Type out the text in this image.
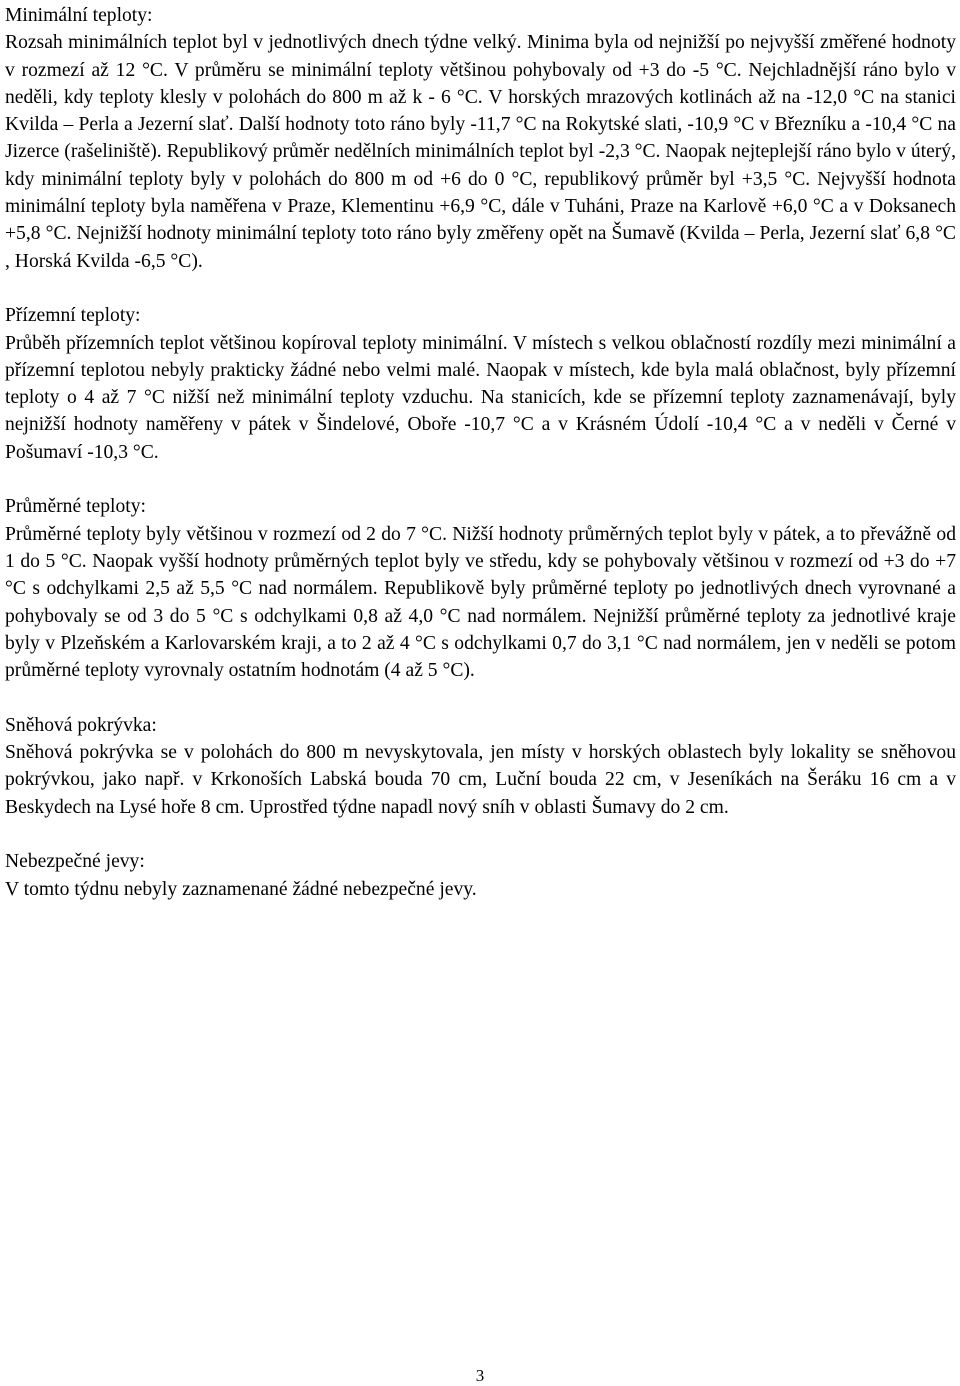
Minimální teploty:

Rozsah minimálních teplot byl v jednotlivých dnech týdne velký. Minima byla od nejnižší po nejvyšší změřené hodnoty v rozmezí až 12 °C. V průměru se minimální teploty většinou pohybovaly od +3 do -5 °C. Nejchladnější ráno bylo v neděli, kdy teploty klesly v polohách do 800 m až k - 6 °C. V horských mrazových kotlinách až na -12,0 °C na stanici Kvilda – Perla a Jezerní slať. Další hodnoty toto ráno byly -11,7 °C na Rokytské slati, -10,9 °C v Březníku a -10,4 °C na Jizerce (rašeliniště). Republikový průměr nedělních minimálních teplot byl -2,3 °C. Naopak nejteplejší ráno bylo v úterý, kdy minimální teploty byly v polohách do 800 m od +6 do 0 °C, republikový průměr byl +3,5 °C. Nejvyšší hodnota minimální teploty byla naměřena v Praze, Klementinu +6,9 °C, dále v Tuháni, Praze na Karlově +6,0 °C a v Doksanech +5,8 °C. Nejnižší hodnoty minimální teploty toto ráno byly změřeny opět na Šumavě (Kvilda – Perla, Jezerní slať 6,8 °C , Horská Kvilda -6,5 °C).

Přízemní teploty:

Průběh přízemních teplot většinou kopíroval teploty minimální. V místech s velkou oblačností rozdíly mezi minimální a přízemní teplotou nebyly prakticky žádné nebo velmi malé. Naopak v místech, kde byla malá oblačnost, byly přízemní teploty o 4 až 7 °C nižší než minimální teploty vzduchu. Na stanicích, kde se přízemní teploty zaznamenávají, byly nejnižší hodnoty naměřeny v pátek v Šindelové, Oboře -10,7 °C a v Krásném Údolí -10,4 °C a v neděli v Černé v Pošumaví -10,3 °C.

Průměrné teploty:

Průměrné teploty byly většinou v rozmezí od 2 do 7 °C. Nižší hodnoty průměrných teplot byly v pátek, a to převážně od 1 do 5 °C. Naopak vyšší hodnoty průměrných teplot byly ve středu, kdy se pohybovaly většinou v rozmezí od +3 do +7 °C s odchylkami 2,5 až 5,5 °C nad normálem. Republikově byly průměrné teploty po jednotlivých dnech vyrovnané a pohybovaly se od 3 do 5 °C s odchylkami 0,8 až 4,0 °C nad normálem. Nejnižší průměrné teploty za jednotlivé kraje byly v Plzeňském a Karlovarském kraji, a to 2 až 4 °C s odchylkami 0,7 do 3,1 °C nad normálem, jen v neděli se potom průměrné teploty vyrovnaly ostatním hodnotám (4 až 5 °C).

Sněhová pokrývka:

Sněhová pokrývka se v polohách do 800 m nevyskytovala, jen místy v horských oblastech byly lokality se sněhovou pokrývkou, jako např. v Krkonoších Labská bouda 70 cm, Luční bouda 22 cm, v Jeseníkách na Šeráku 16 cm a v Beskydech na Lysé hoře 8 cm. Uprostřed týdne napadl nový sníh v oblasti Šumavy do 2 cm.

Nebezpečné jevy:

V tomto týdnu nebyly zaznamenané žádné nebezpečné jevy.

3
